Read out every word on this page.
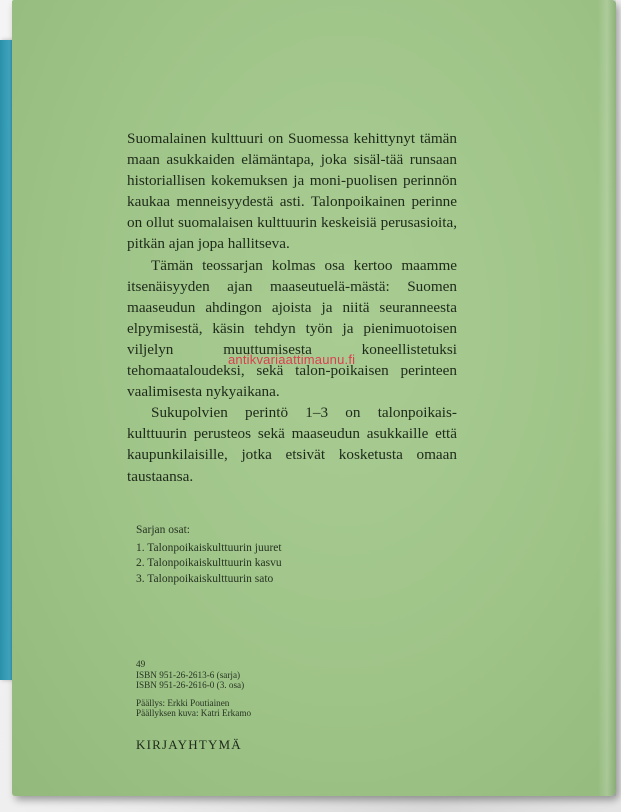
Suomalainen kulttuuri on Suomessa kehittynyt tämän maan asukkaiden elämäntapa, joka sisäl-tää runsaan historiallisen kokemuksen ja moni-puolisen perinnön kaukaa menneisyydestä asti. Talonpoikainen perinne on ollut suomalaisen kulttuurin keskeisiä perusasioita, pitkän ajan jopa hallitseva.

Tämän teossarjan kolmas osa kertoo maamme itsenäisyyden ajan maaseutuelä-mästä: Suomen maaseudun ahdingon ajoista ja niitä seuranneesta elpymisestä, käsin tehdyn työn ja pienimuotoisen viljelyn muuttumisesta	koneellistetuksi tehomaataloudeksi, sekä talon-poikaisen perinteen vaalimisesta nykyaikana.

Sukupolvien perintö 1–3 on talonpoikais-kulttuurin perusteos sekä maaseudun asukkaille että kaupunkilaisille, jotka etsivät kosketusta omaan taustaansa.

antikvariaattimaunu.fi
Sarjan osat:
1. Talonpoikaiskulttuurin juuret
2. Talonpoikaiskulttuurin kasvu
3. Talonpoikaiskulttuurin sato
49
ISBN 951-26-2613-6 (sarja)
ISBN 951-26-2616-0 (3. osa)
Päällys: Erkki Poutiainen
Päällyksen kuva: Katri Erkamo
KIRJAYHTYMÄ
